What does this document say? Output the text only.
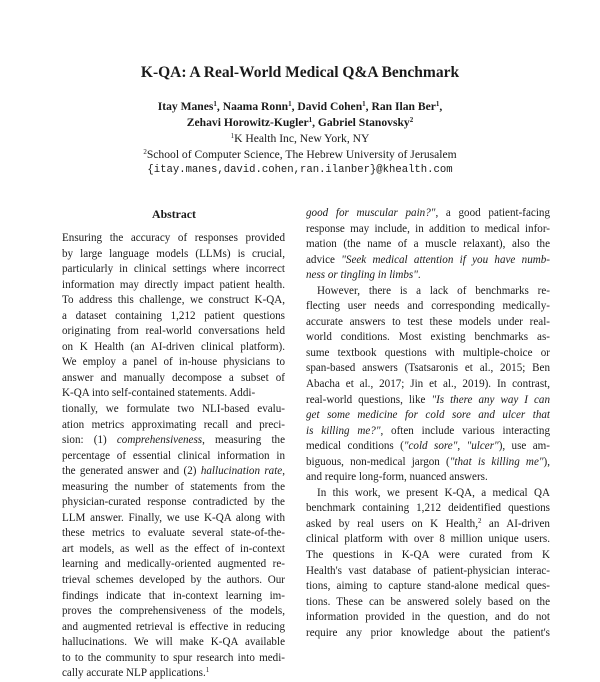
K-QA: A Real-World Medical Q&A Benchmark
Itay Manes$^1$, Naama Ronn$^1$, David Cohen$^1$, Ran Ilan Ber$^1$,
Zehavi Horowitz-Kugler$^1$, Gabriel Stanovsky$^2$
$^1$K Health Inc, New York, NY
$^2$School of Computer Science, The Hebrew University of Jerusalem
{itay.manes,david.cohen,ran.ilanber}@khealth.com
Abstract
Ensuring the accuracy of responses provided
by large language models (LLMs) is crucial,
particularly in clinical settings where incorrect
information may directly impact patient health.
To address this challenge, we construct K-QA,
a dataset containing 1,212 patient questions
originating from real-world conversations held
on K Health (an AI-driven clinical platform).
We employ a panel of in-house physicians to
answer and manually decompose a subset of
K-QA into self-contained statements. Addi-
tionally, we formulate two NLI-based evalu-
ation metrics approximating recall and preci-
sion: (1) comprehensiveness, measuring the
percentage of essential clinical information in
the generated answer and (2) hallucination rate,
measuring the number of statements from the
physician-curated response contradicted by the
LLM answer. Finally, we use K-QA along with
these metrics to evaluate several state-of-the-
art models, as well as the effect of in-context
learning and medically-oriented augmented re-
trieval schemes developed by the authors. Our
findings indicate that in-context learning im-
proves the comprehensiveness of the models,
and augmented retrieval is effective in reducing
hallucinations. We will make K-QA available
to to the community to spur research into medi-
cally accurate NLP applications.$^1$
good for muscular pain?", a good patient-facing
response may include, in addition to medical infor-
mation (the name of a muscle relaxant), also the
advice "Seek medical attention if you have numb-
ness or tingling in limbs".
However, there is a lack of benchmarks re-
flecting user needs and corresponding medically-
accurate answers to test these models under real-
world conditions. Most existing benchmarks as-
sume textbook questions with multiple-choice or
span-based answers (Tsatsaronis et al., 2015; Ben
Abacha et al., 2017; Jin et al., 2019). In contrast,
real-world questions, like "Is there any way I can
get some medicine for cold sore and ulcer that
is killing me?", often include various interacting
medical conditions ("cold sore", "ulcer"), use am-
biguous, non-medical jargon ("that is killing me"),
and require long-form, nuanced answers.
In this work, we present K-QA, a medical QA
benchmark containing 1,212 deidentified questions
asked by real users on K Health,$^2$ an AI-driven
clinical platform with over 8 million unique users.
The questions in K-QA were curated from K
Health's vast database of patient-physician interac-
tions, aiming to capture stand-alone medical ques-
tions. These can be answered solely based on the
information provided in the question, and do not
require any prior knowledge about the patient's
